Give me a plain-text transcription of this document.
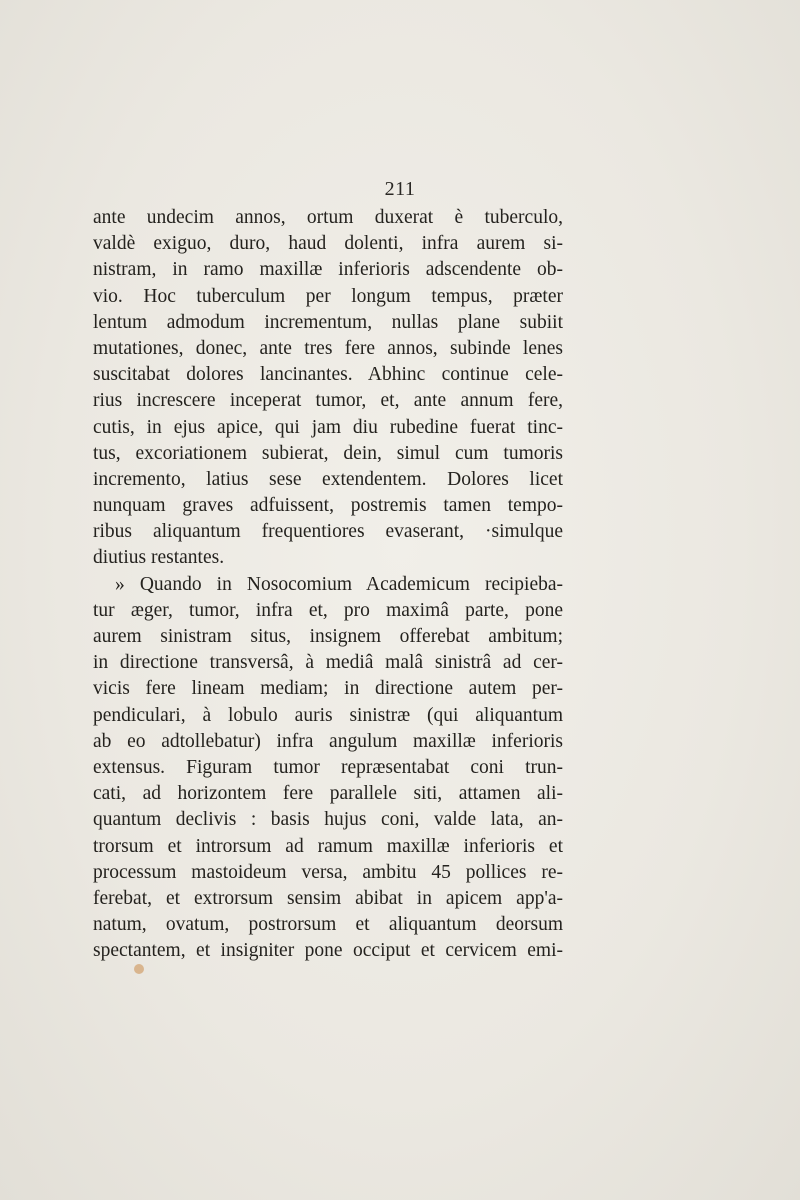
211
ante undecim annos, ortum duxerat è tuberculo,
valdè exiguo, duro, haud dolenti, infra aurem si-
nistram, in ramo maxillæ inferioris adscendente ob-
vio. Hoc tuberculum per longum tempus, præter
lentum admodum incrementum, nullas plane subiit
mutationes, donec, ante tres fere annos, subinde lenes
suscitabat dolores lancinantes. Abhinc continue cele-
rius increscere inceperat tumor, et, ante annum fere,
cutis, in ejus apice, qui jam diu rubedine fuerat tinc-
tus, excoriationem subierat, dein, simul cum tumoris
incremento, latius sese extendentem. Dolores licet
nunquam graves adfuissent, postremis tamen tempo-
ribus aliquantum frequentiores evaserant, ·simulque
diutius restantes.
» Quando in Nosocomium Academicum recipieba-
tur æger, tumor, infra et, pro maximâ parte, pone
aurem sinistram situs, insignem offerebat ambitum;
in directione transversâ, à mediâ malâ sinistrâ ad cer-
vicis fere lineam mediam; in directione autem per-
pendiculari, à lobulo auris sinistræ (qui aliquantum
ab eo adtollebatur) infra angulum maxillæ inferioris
extensus. Figuram tumor repræsentabat coni trun-
cati, ad horizontem fere parallele siti, attamen ali-
quantum declivis : basis hujus coni, valde lata, an-
trorsum et introrsum ad ramum maxillæ inferioris et
processum mastoideum versa, ambitu 45 pollices re-
ferebat, et extrorsum sensim abibat in apicem app'a-
natum, ovatum, postrorsum et aliquantum deorsum
spectantem, et insigniter pone occiput et cervicem emi-
